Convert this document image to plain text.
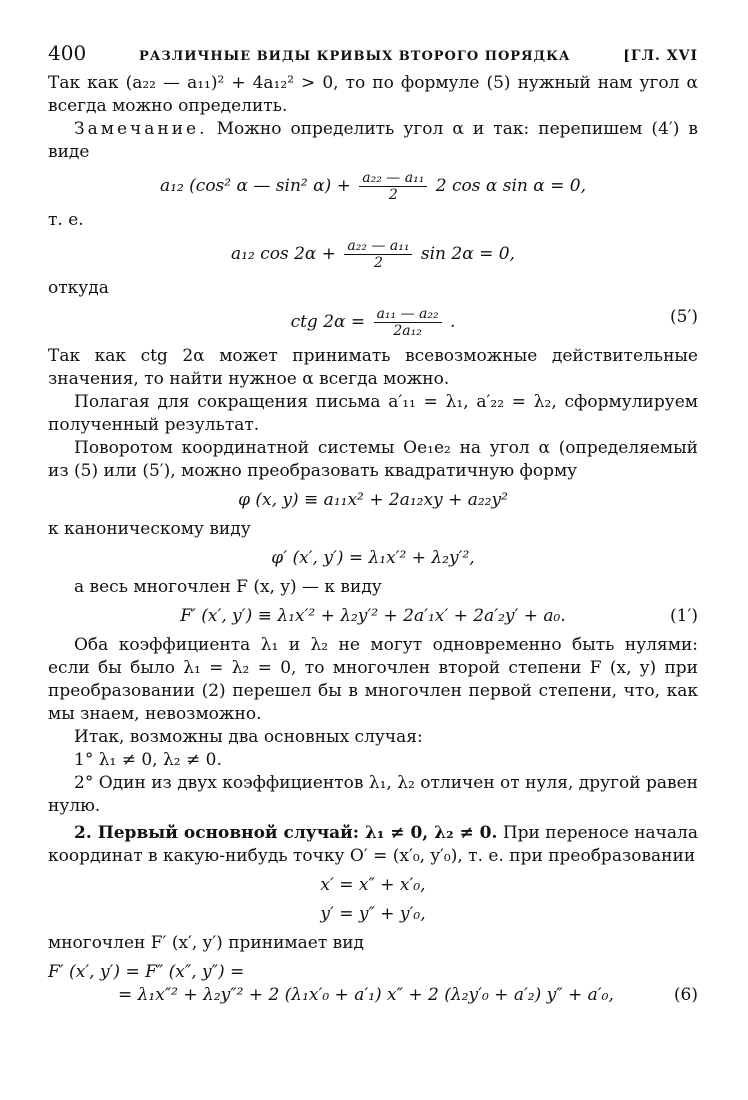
400	РАЗЛИЧНЫЕ ВИДЫ КРИВЫХ ВТОРОГО ПОРЯДКА	[ГЛ. XVI

Так как (a₂₂ — a₁₁)² + 4a₁₂² > 0, то по формуле (5) нужный нам угол α всегда можно определить.

Замечание. Можно определить угол α и так: перепишем (4′) в виде

a₁₂ (cos² α — sin² $\alpha) + \frac{\text{a₂₂ — a₁₁}}{2} 2$ cos α sin α = 0,

т. е.

a₁₂ $\cos 2\alpha + \frac{\text{a₂₂ — a₁₁}}{2}$ sin 2α = 0,

откуда

ctg $2\alpha = \frac{\text{a₁₁ — a₂₂}}{\text{2a₁₂}}$ .	(5′)

Так как ctg 2α может принимать всевозможные действительные значения, то найти нужное α всегда можно.

Полагая для сокращения письма a′₁₁ = λ₁, a′₂₂ = λ₂, сформулируем полученный результат.

Поворотом координатной системы Oe₁e₂ на угол α (определяемый из (5) или (5′), можно преобразовать квадратичную форму

φ (x, y) ≡ a₁₁x² + 2a₁₂xy + a₂₂y²

к каноническому виду

φ′ (x′, y′) = λ₁x′² + λ₂y′²,

а весь многочлен F (x, y) — к виду

F′ (x′, y′) ≡ λ₁x′² + λ₂y′² + 2a′₁x′ + 2a′₂y′ + a₀.	(1′)

Оба коэффициента λ₁ и λ₂ не могут одновременно быть нулями: если бы было λ₁ = λ₂ = 0, то многочлен второй степени F (x, y) при преобразовании (2) перешел бы в многочлен первой степени, что, как мы знаем, невозможно.

Итак, возможны два основных случая:

1° λ₁ ≠ 0, λ₂ ≠ 0.

2° Один из двух коэффициентов λ₁, λ₂ отличен от нуля, другой равен нулю.

2. Первый основной случай: λ₁ ≠ 0, λ₂ ≠ 0. При переносе начала координат в какую-нибудь точку O′ = (x′₀, y′₀), т. е. при преобразовании

x′ = x″ + x′₀,
y′ = y″ + y′₀,

многочлен F′ (x′, y′) принимает вид

F′ (x′, y′) = F″ (x″, y″) =
= λ₁x″² + λ₂y″² + 2 (λ₁x′₀ + a′₁) x″ + 2 (λ₂y′₀ + a′₂) y″ + a′₀,	(6)
